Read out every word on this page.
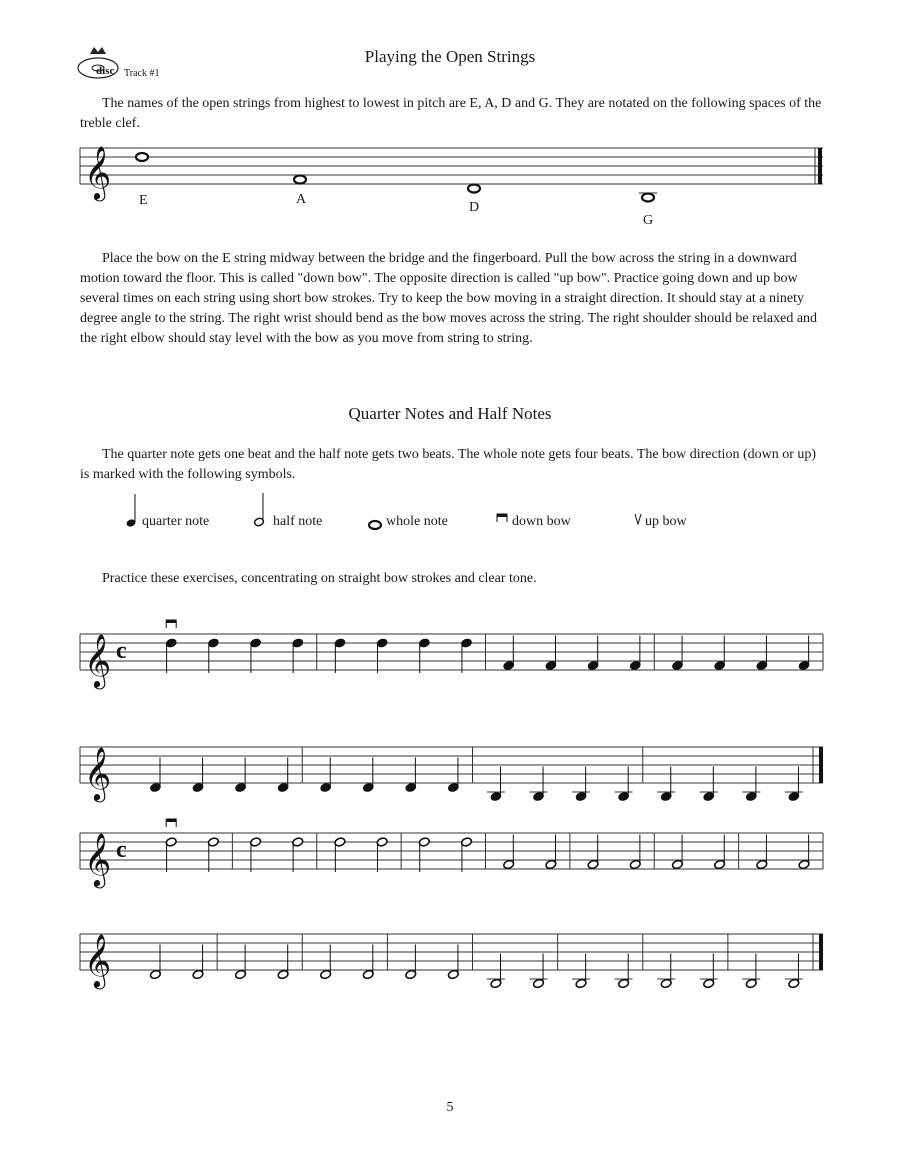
disc Track #1
Playing the Open Strings

The names of the open strings from highest to lowest in pitch are E, A, D and G. They are notated on the following spaces of the treble clef.

𝄞
E	A
D
G

Place the bow on the E string midway between the bridge and the fingerboard. Pull the bow across the string in a downward motion toward the floor. This is called "down bow". The opposite direction is called "up bow". Practice going down and up bow several times on each string using short bow strokes. Try to keep the bow moving in a straight direction. It should stay at a ninety degree angle to the string. The right wrist should bend as the bow moves across the string. The right shoulder should be relaxed and the right elbow should stay level with the bow as you move from string to string.

Quarter Notes and Half Notes

The quarter note gets one beat and the half note gets two beats. The whole note gets four beats. The bow direction (down or up) is marked with the following symbols.

quarter note	half note	whole note	down bow	up bow

Practice these exercises, concentrating on straight bow strokes and clear tone.

𝄞 c
𝄞
𝄞 c
𝄞
5
